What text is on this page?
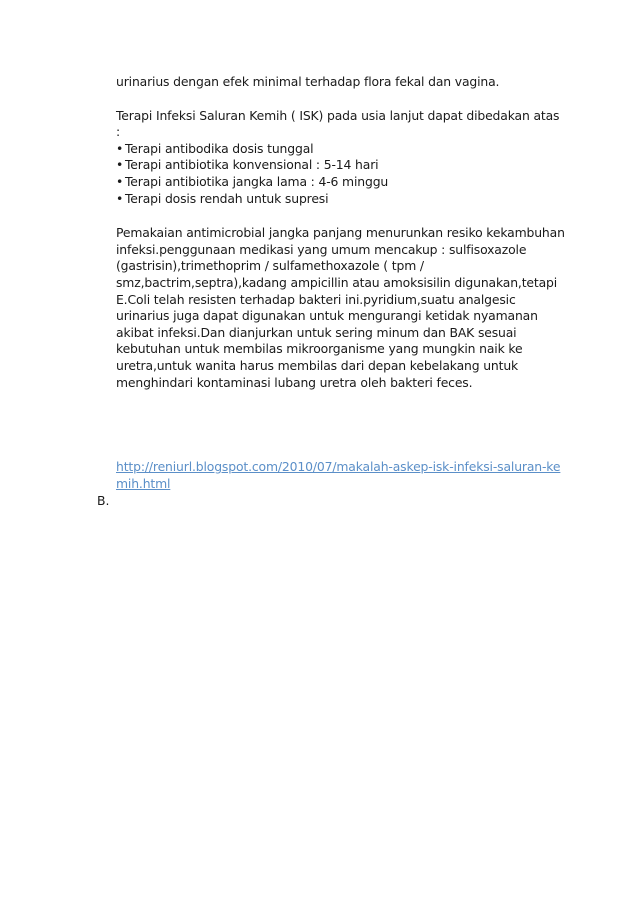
urinarius dengan efek minimal terhadap flora fekal dan vagina.

Terapi Infeksi Saluran Kemih ( ISK) pada usia lanjut dapat dibedakan atas :

• Terapi antibodika dosis tunggal
• Terapi antibiotika konvensional : 5-14 hari
• Terapi antibiotika jangka lama : 4-6 minggu
• Terapi dosis rendah untuk supresi

Pemakaian antimicrobial jangka panjang menurunkan resiko kekambuhan infeksi.penggunaan medikasi yang umum mencakup : sulfisoxazole (gastrisin),trimethoprim / sulfamethoxazole ( tpm / smz,bactrim,septra),kadang ampicillin atau amoksisilin digunakan,tetapi E.Coli telah resisten terhadap bakteri ini.pyridium,suatu analgesic urinarius juga dapat digunakan untuk mengurangi ketidak nyamanan akibat infeksi.Dan dianjurkan untuk sering minum dan BAK sesuai kebutuhan untuk membilas mikroorganisme yang mungkin naik ke uretra,untuk wanita harus membilas dari depan kebelakang untuk menghindari kontaminasi lubang uretra oleh bakteri feces.

http://reniurl.blogspot.com/2010/07/makalah-askep-isk-infeksi-saluran-kemih.html

B.
